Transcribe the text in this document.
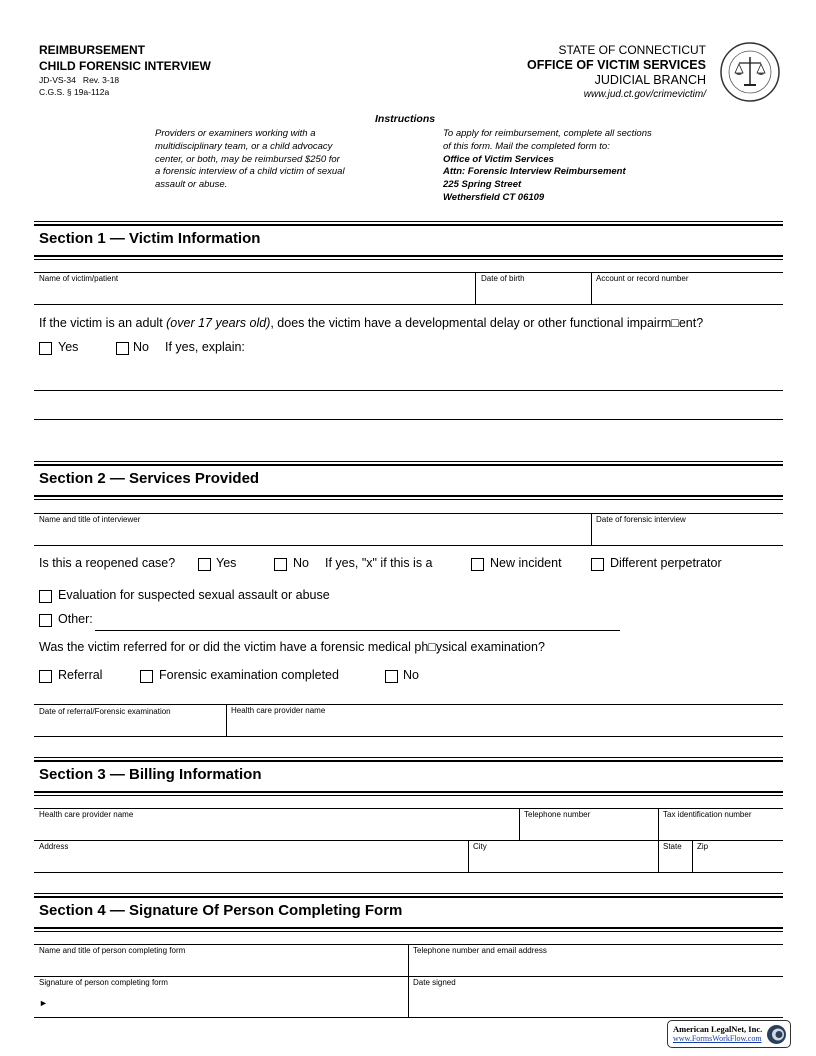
REIMBURSEMENT
CHILD FORENSIC INTERVIEW
JD-VS-34   Rev. 3-18
C.G.S. § 19a-112a
STATE OF CONNECTICUT
OFFICE OF VICTIM SERVICES
JUDICIAL BRANCH
www.jud.ct.gov/crimevictim/
Instructions
Providers or examiners working with a
multidisciplinary team, or a child advocacy
center, or both, may be reimbursed $250 for
a forensic interview of a child victim of sexual
assault or abuse.
To apply for reimbursement, complete all sections
of this form. Mail the completed form to:
Office of Victim Services
Attn: Forensic Interview Reimbursement
225 Spring Street
Wethersfield CT 06109
Section 1 — Victim Information
Name of victim/patient	Date of birth	Account or record number
If the victim is an adult (over 17 years old), does the victim have a developmental delay or other functional impairm□ent?
Yes	No If yes, explain:
Section 2 — Services Provided
Name and title of interviewer	Date of forensic interview
Is this a reopened case?	Yes	No If yes, "x" if this is a	New incident	Different perpetrator
Evaluation for suspected sexual assault or abuse
Other:
Was the victim referred for or did the victim have a forensic medical ph□ysical examination?
Referral	Forensic examination completed	No
Date of referral/Forensic examination	Health care provider name
Section 3 — Billing Information
Health care provider name	Telephone number	Tax identification number
Address	City	State Zip
Section 4 — Signature Of Person Completing Form
Name and title of person completing form	Telephone number and email address
Signature of person completing form	Date signed
►
American LegalNet, Inc.
www.FormsWorkFlow.com
